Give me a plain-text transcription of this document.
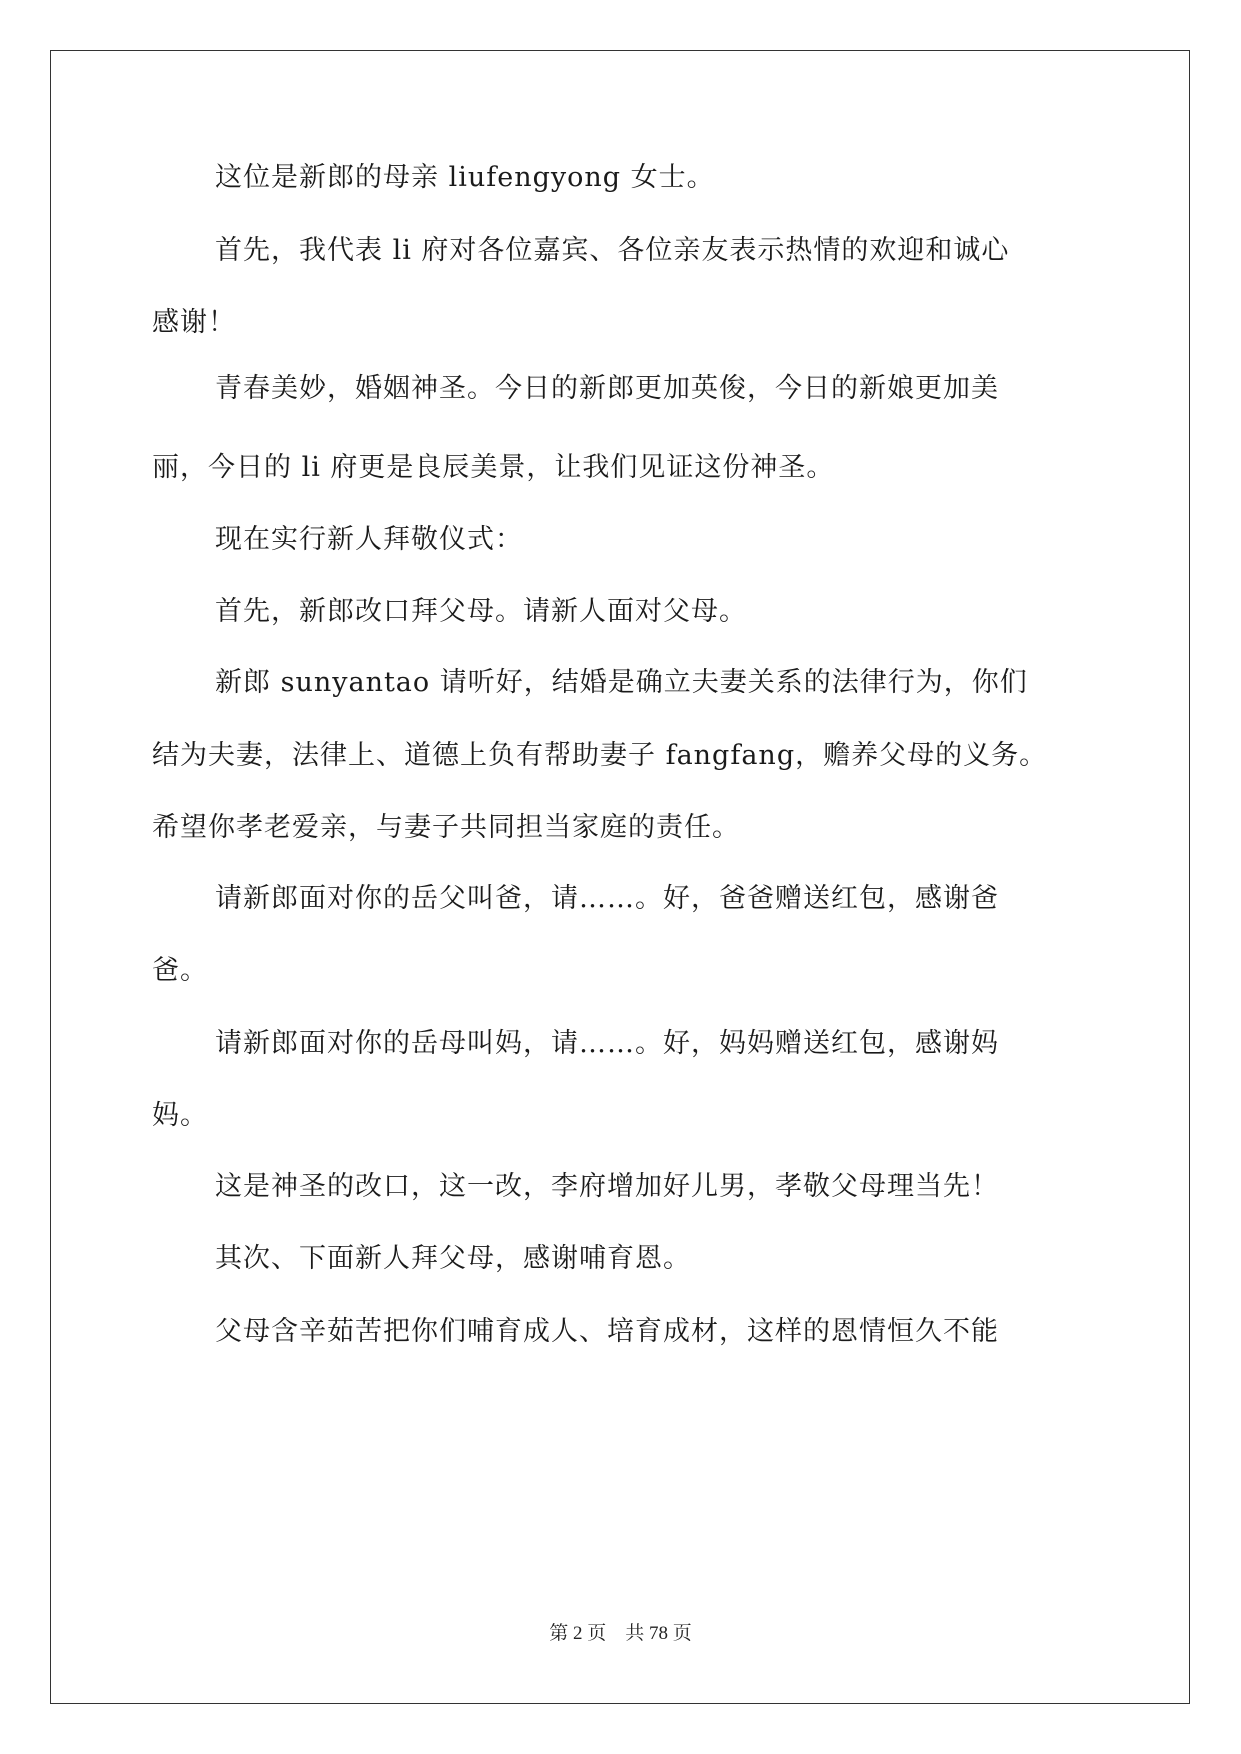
这位是新郎的母亲 liufengyong 女士。
首先，我代表 li 府对各位嘉宾、各位亲友表示热情的欢迎和诚心
感谢！
青春美妙，婚姻神圣。今日的新郎更加英俊，今日的新娘更加美
丽，今日的 li 府更是良辰美景，让我们见证这份神圣。
现在实行新人拜敬仪式：
首先，新郎改口拜父母。请新人面对父母。
新郎 sunyantao 请听好，结婚是确立夫妻关系的法律行为，你们
结为夫妻，法律上、道德上负有帮助妻子 fangfang，赡养父母的义务。
希望你孝老爱亲，与妻子共同担当家庭的责任。
请新郎面对你的岳父叫爸，请……。好，爸爸赠送红包，感谢爸
爸。
请新郎面对你的岳母叫妈，请……。好，妈妈赠送红包，感谢妈
妈。
这是神圣的改口，这一改，李府增加好儿男，孝敬父母理当先！
其次、下面新人拜父母，感谢哺育恩。
父母含辛茹苦把你们哺育成人、培育成材，这样的恩情恒久不能
第 2 页　共 78 页
